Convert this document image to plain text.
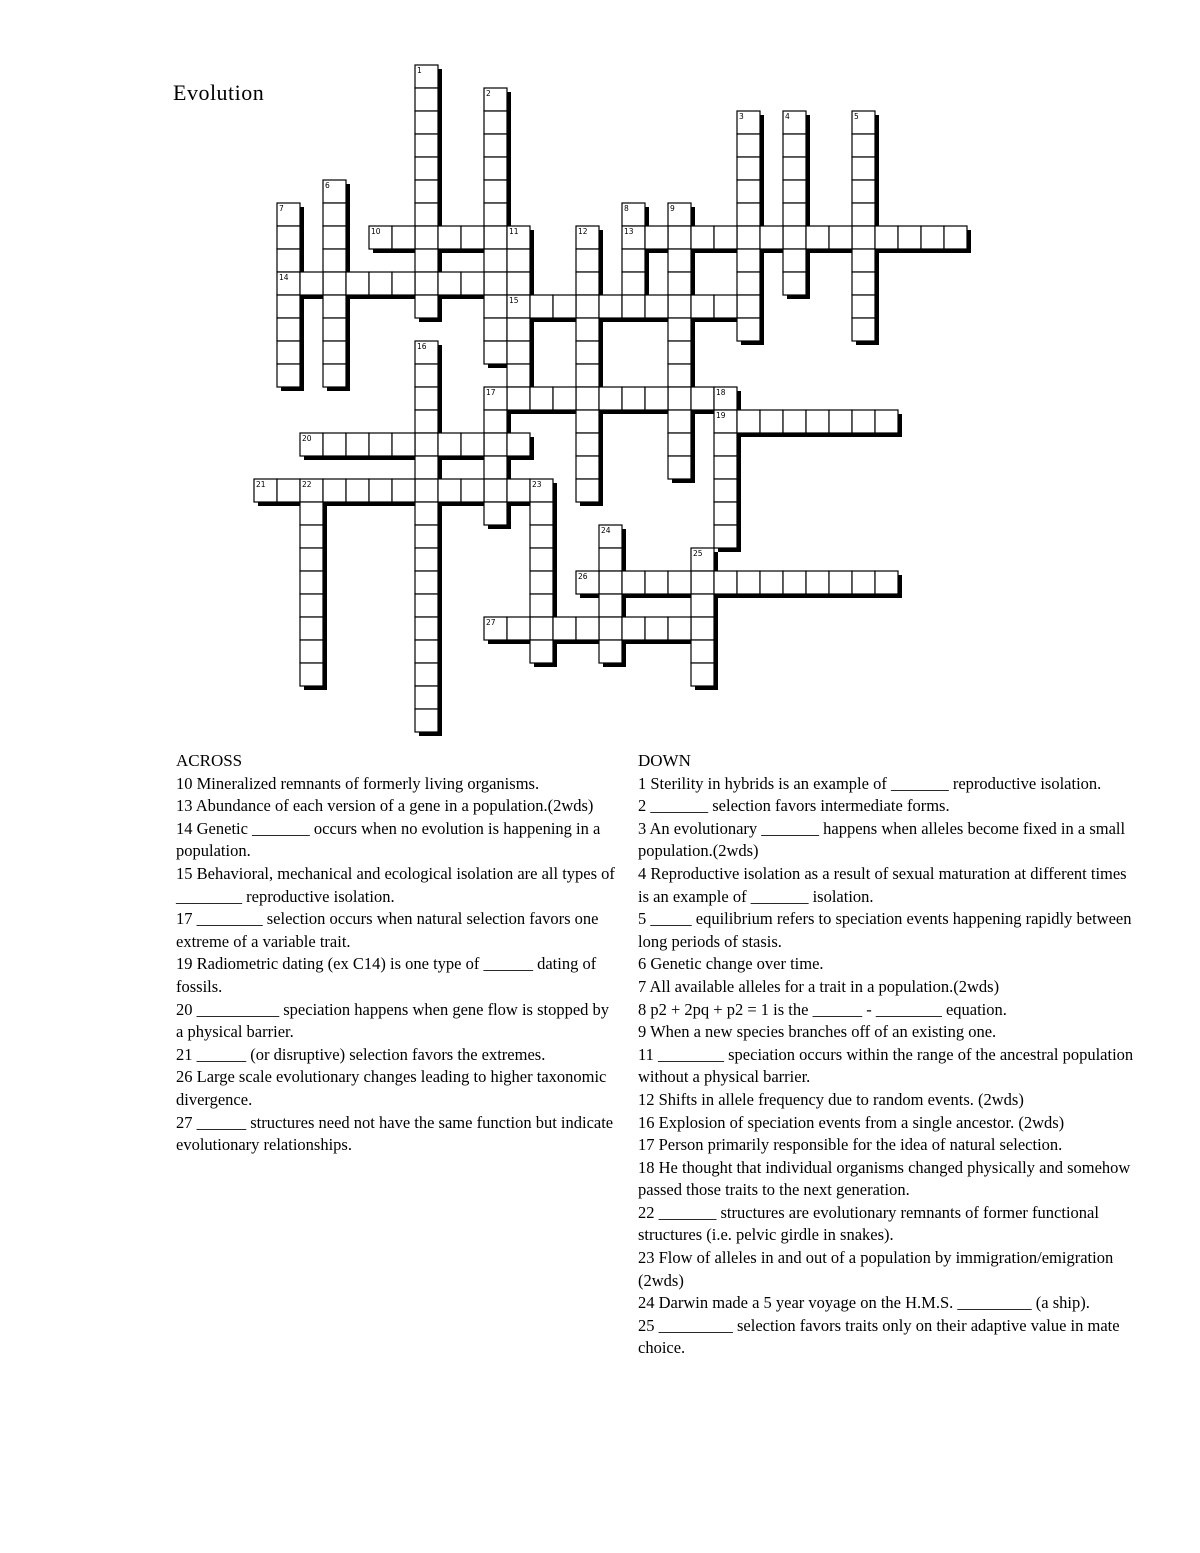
Evolution
1
2
3	4	5
6
7	8	9
10	11	12	13
14
15
16
17	18
19
20
21	22	23
24
25
26
27
ACROSS

10 Mineralized remnants of formerly living organisms.

13 Abundance of each version of a gene in a population.(2wds)

14 Genetic _______ occurs when no evolution is happening in a population.

15 Behavioral, mechanical and ecological isolation are all types of ________ reproductive isolation.

17 ________ selection occurs when natural selection favors one extreme of a variable trait.

19 Radiometric dating (ex C14) is one type of ______ dating of fossils.

20 __________ speciation happens when gene flow is stopped by a physical barrier.

21 ______ (or disruptive) selection favors the extremes.

26 Large scale evolutionary changes leading to higher taxonomic divergence.

27 ______ structures need not have the same function but indicate evolutionary relationships.

DOWN

1 Sterility in hybrids is an example of _______ reproductive isolation.

2 _______ selection favors intermediate forms.

3 An evolutionary _______ happens when alleles become fixed in a small population.(2wds)

4 Reproductive isolation as a result of sexual maturation at different times is an example of _______ isolation.

5 _____ equilibrium refers to speciation events happening rapidly between long periods of stasis.

6 Genetic change over time.

7 All available alleles for a trait in a population.(2wds)

8 p2 + 2pq + p2 = 1 is the ______ - ________ equation.

9 When a new species branches off of an existing one.

11 ________ speciation occurs within the range of the ancestral population without a physical barrier.

12 Shifts in allele frequency due to random events. (2wds)

16 Explosion of speciation events from a single ancestor. (2wds)

17 Person primarily responsible for the idea of natural selection.

18 He thought that individual organisms changed physically and somehow passed those traits to the next generation.

22 _______ structures are evolutionary remnants of former functional structures (i.e. pelvic girdle in snakes).

23 Flow of alleles in and out of a population by immigration/emigration (2wds)

24 Darwin made a 5 year voyage on the H.M.S. _________ (a ship).

25 _________ selection favors traits only on their adaptive value in mate choice.
